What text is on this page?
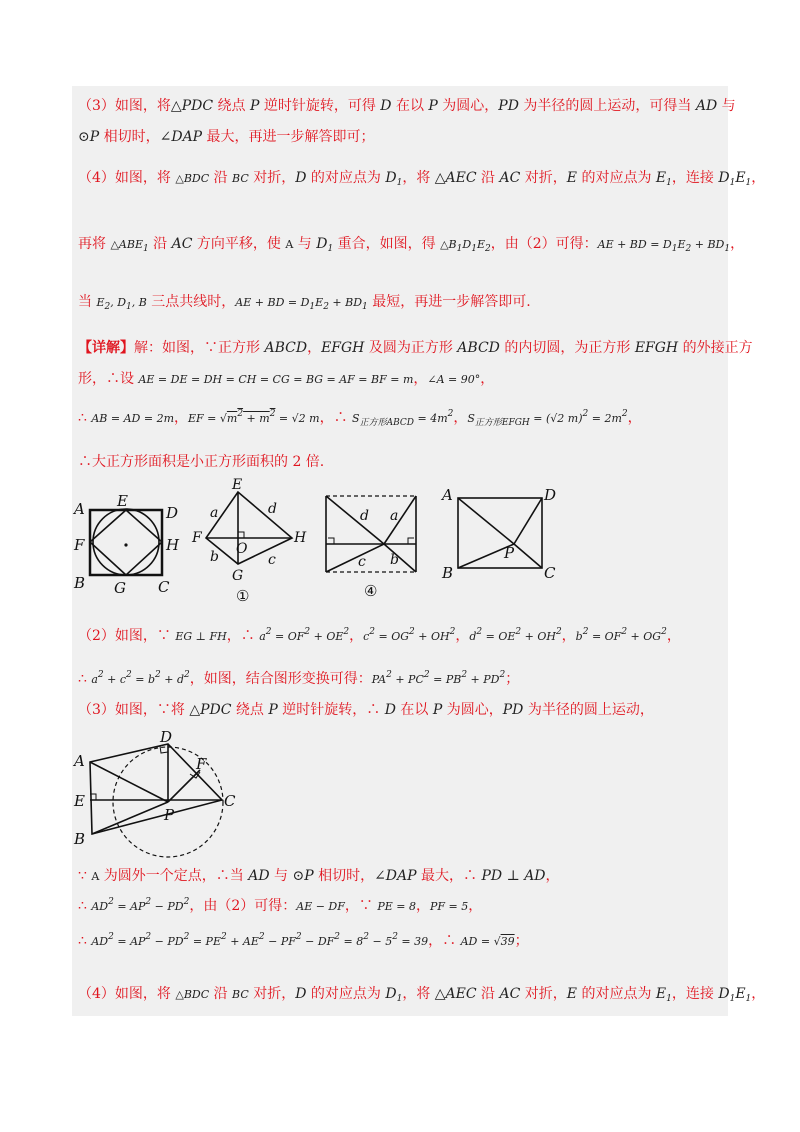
（3）如图，将△PDC 绕点 P 逆时针旋转，可得 D 在以 P 为圆心，PD 为半径的圆上运动，可得当 AD 与
⊙P 相切时，∠DAP 最大，再进一步解答即可；
（4）如图，将 △BDC 沿 BC 对折，D 的对应点为 $D_1$，将 △AEC 沿 AC 对折，E 的对应点为 $E_1$，连接 $D_1E_1$，
再将 $\triangle ABE_1$ 沿 AC 方向平移，使 A 与 $D_1$ 重合，如图，得 $\triangle B_1D_1E_2$，由（2）可得：AE + BD = $D_1E_2 + BD_1$，
当 $E_2$, $D_1$, B 三点共线时，AE + BD = $D_1E_2 + BD_1$ 最短，再进一步解答即可.
【详解】解：如图，∵正方形 ABCD，EFGH 及圆为正方形 ABCD 的内切圆，为正方形 EFGH 的外接正方
形，∴设 AE = DE = DH = CH = CG = BG = AF = BF = m，∠A = 90°，
∴ AB = AD = 2m，EF = $√m^2 + m^2 = √2$ m，∴ $S_{正方形ABCD} = 4m^2$，$S_{正方形EFGH} = (√2$ $m)^2 = 2m^2$，
∴大正方形面积是小正方形面积的 2 倍.
A E
D
F	H
B G C
E
F
O
H
G
a	d
b	c
①
d a
c b
④
A	D
P
B	C
（2）如图，∵ EG ⊥ FH，∴ $a^2 = OF^2 + OE^2$，$c^2 = OG^2 + OH^2$，$d^2 = OE^2 + OH^2$，$b^2 = OF^2 + OG^2$，
∴ $a^2 + c^2 = b^2 + d^2$，如图，结合图形变换可得：$PA^2 + PC^2 = PB^2 + PD^2$；
（3）如图，∵将 △PDC 绕点 P 逆时针旋转，∴ D 在以 P 为圆心，PD 为半径的圆上运动，
A
D
F
E
P
C
B
∵ A 为圆外一个定点，∴当 AD 与 ⊙P 相切时，∠DAP 最大，∴ PD ⊥ AD，
∴ $AD^2 = AP^2 - PD^2$，由（2）可得：AE − DF，∵ PE = 8，PF = 5，
∴ $AD^2 = AP^2 - PD^2 = PE^2 + AE^2 - PF^2 - DF^2 = 8^2 - 5^2 = 39$，∴ AD = √39；
（4）如图，将 △BDC 沿 BC 对折，D 的对应点为 $D_1$，将 △AEC 沿 AC 对折，E 的对应点为 $E_1$，连接 $D_1E_1$，
